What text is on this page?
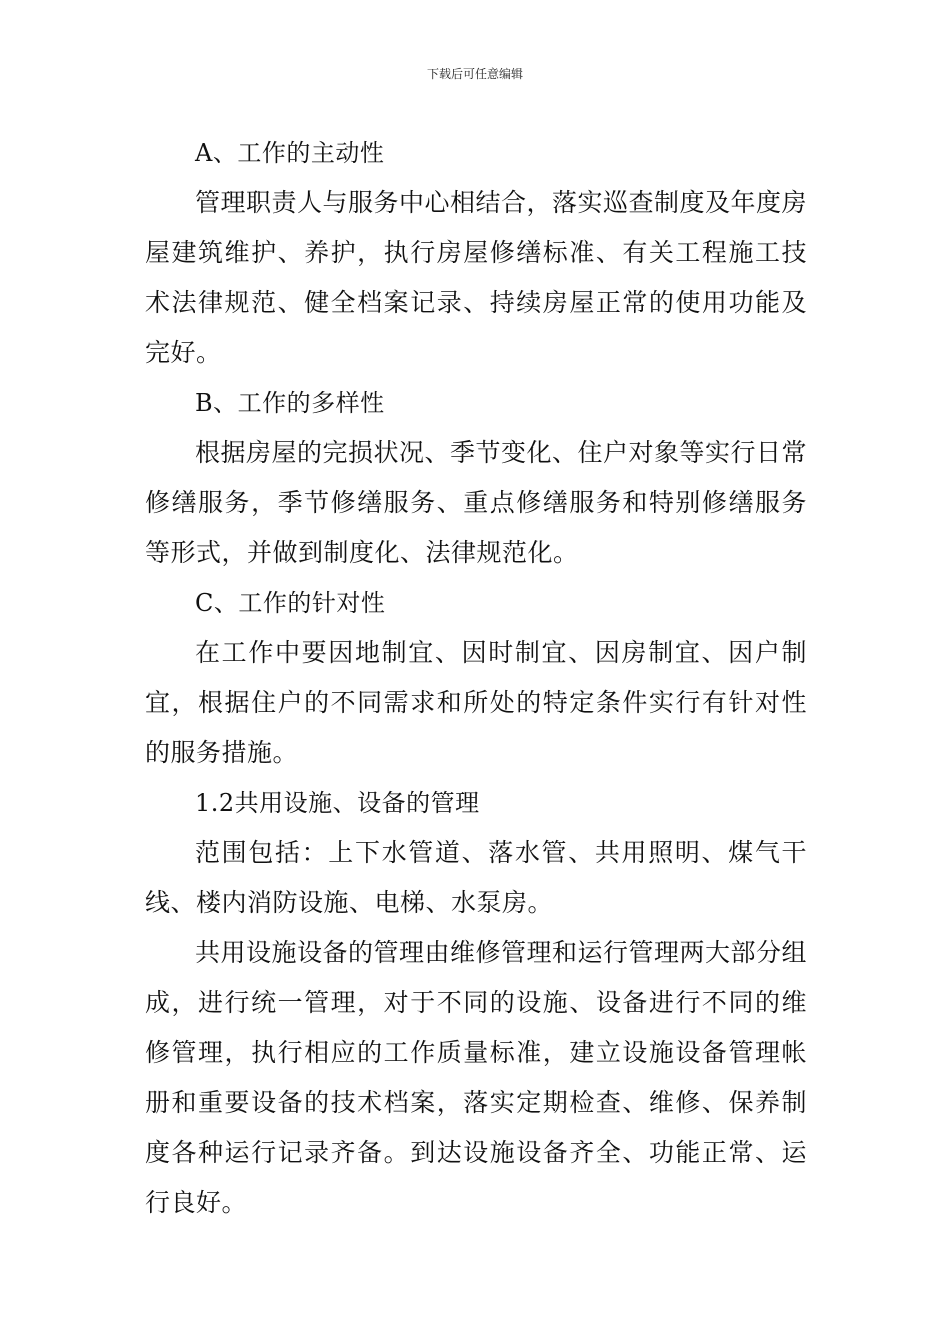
下载后可任意编辑

A、工作的主动性

管理职责人与服务中心相结合，落实巡查制度及年度房屋建筑维护、养护，执行房屋修缮标准、有关工程施工技术法律规范、健全档案记录、持续房屋正常的使用功能及完好。

B、工作的多样性

根据房屋的完损状况、季节变化、住户对象等实行日常修缮服务，季节修缮服务、重点修缮服务和特别修缮服务等形式，并做到制度化、法律规范化。

C、工作的针对性

在工作中要因地制宜、因时制宜、因房制宜、因户制宜，根据住户的不同需求和所处的特定条件实行有针对性的服务措施。

1.2共用设施、设备的管理

范围包括：上下水管道、落水管、共用照明、煤气干线、楼内消防设施、电梯、水泵房。

共用设施设备的管理由维修管理和运行管理两大部分组成，进行统一管理，对于不同的设施、设备进行不同的维修管理，执行相应的工作质量标准，建立设施设备管理帐册和重要设备的技术档案，落实定期检查、维修、保养制度各种运行记录齐备。到达设施设备齐全、功能正常、运行良好。
